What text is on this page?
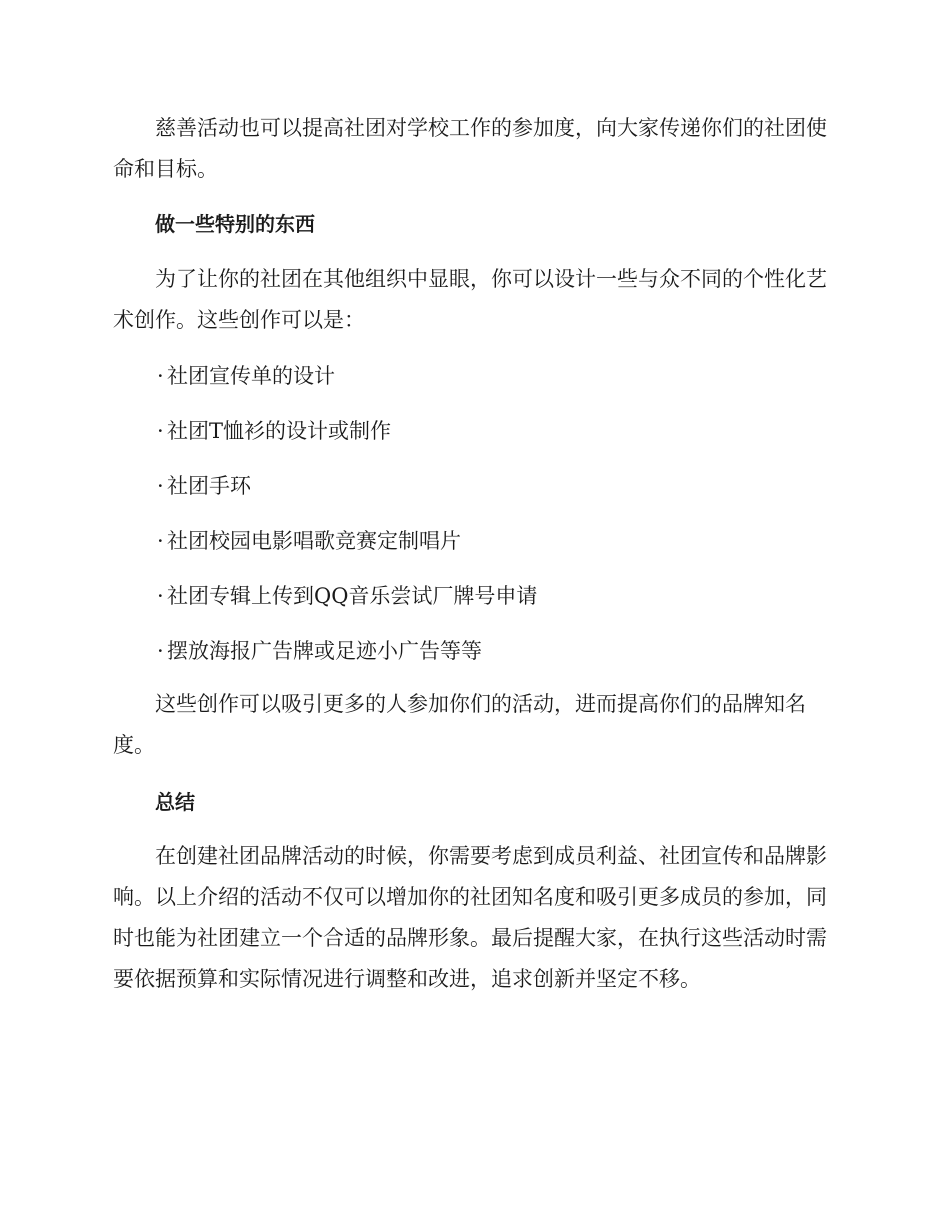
慈善活动也可以提高社团对学校工作的参加度，向大家传递你们的社团使命和目标。

做一些特别的东西

为了让你的社团在其他组织中显眼，你可以设计一些与众不同的个性化艺术创作。这些创作可以是：

· 社团宣传单的设计
· 社团T恤衫的设计或制作
· 社团手环
· 社团校园电影唱歌竞赛定制唱片
· 社团专辑上传到QQ音乐尝试厂牌号申请
· 摆放海报广告牌或足迹小广告等等

这些创作可以吸引更多的人参加你们的活动，进而提高你们的品牌知名度。

总结

在创建社团品牌活动的时候，你需要考虑到成员利益、社团宣传和品牌影响。以上介绍的活动不仅可以增加你的社团知名度和吸引更多成员的参加，同时也能为社团建立一个合适的品牌形象。最后提醒大家，在执行这些活动时需要依据预算和实际情况进行调整和改进，追求创新并坚定不移。
